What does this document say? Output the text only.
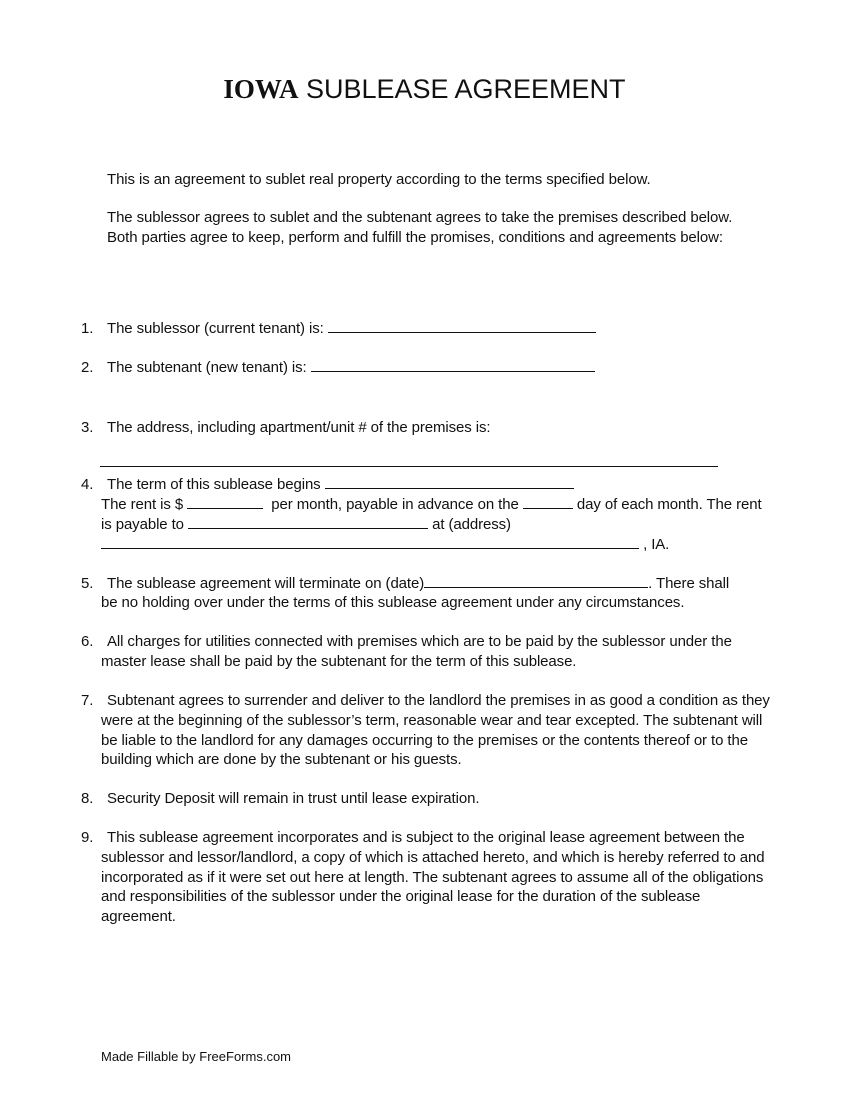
IOWA SUBLEASE AGREEMENT
This is an agreement to sublet real property according to the terms specified below.
The sublessor agrees to sublet and the subtenant agrees to take the premises described below.
Both parties agree to keep, perform and fulfill the promises, conditions and agreements below:
1. The sublessor (current tenant) is:
2. The subtenant (new tenant) is:
3. The address, including apartment/unit # of the premises is:
4. The term of this sublease begins
The rent is $	per month, payable in advance on the	day of each month. The rent
is payable to	at (address)
, IA.
5. The sublease agreement will terminate on (date)	. There shall
be no holding over under the terms of this sublease agreement under any circumstances.
6. All charges for utilities connected with premises which are to be paid by the sublessor under the
master lease shall be paid by the subtenant for the term of this sublease.
7. Subtenant agrees to surrender and deliver to the landlord the premises in as good a condition as they
were at the beginning of the sublessor’s term, reasonable wear and tear excepted. The subtenant will
be liable to the landlord for any damages occurring to the premises or the contents thereof or to the
building which are done by the subtenant or his guests.
8. Security Deposit will remain in trust until lease expiration.
9. This sublease agreement incorporates and is subject to the original lease agreement between the
sublessor and lessor/landlord, a copy of which is attached hereto, and which is hereby referred to and
incorporated as if it were set out here at length. The subtenant agrees to assume all of the obligations
and responsibilities of the sublessor under the original lease for the duration of the sublease
agreement.
Made Fillable by FreeForms.com
